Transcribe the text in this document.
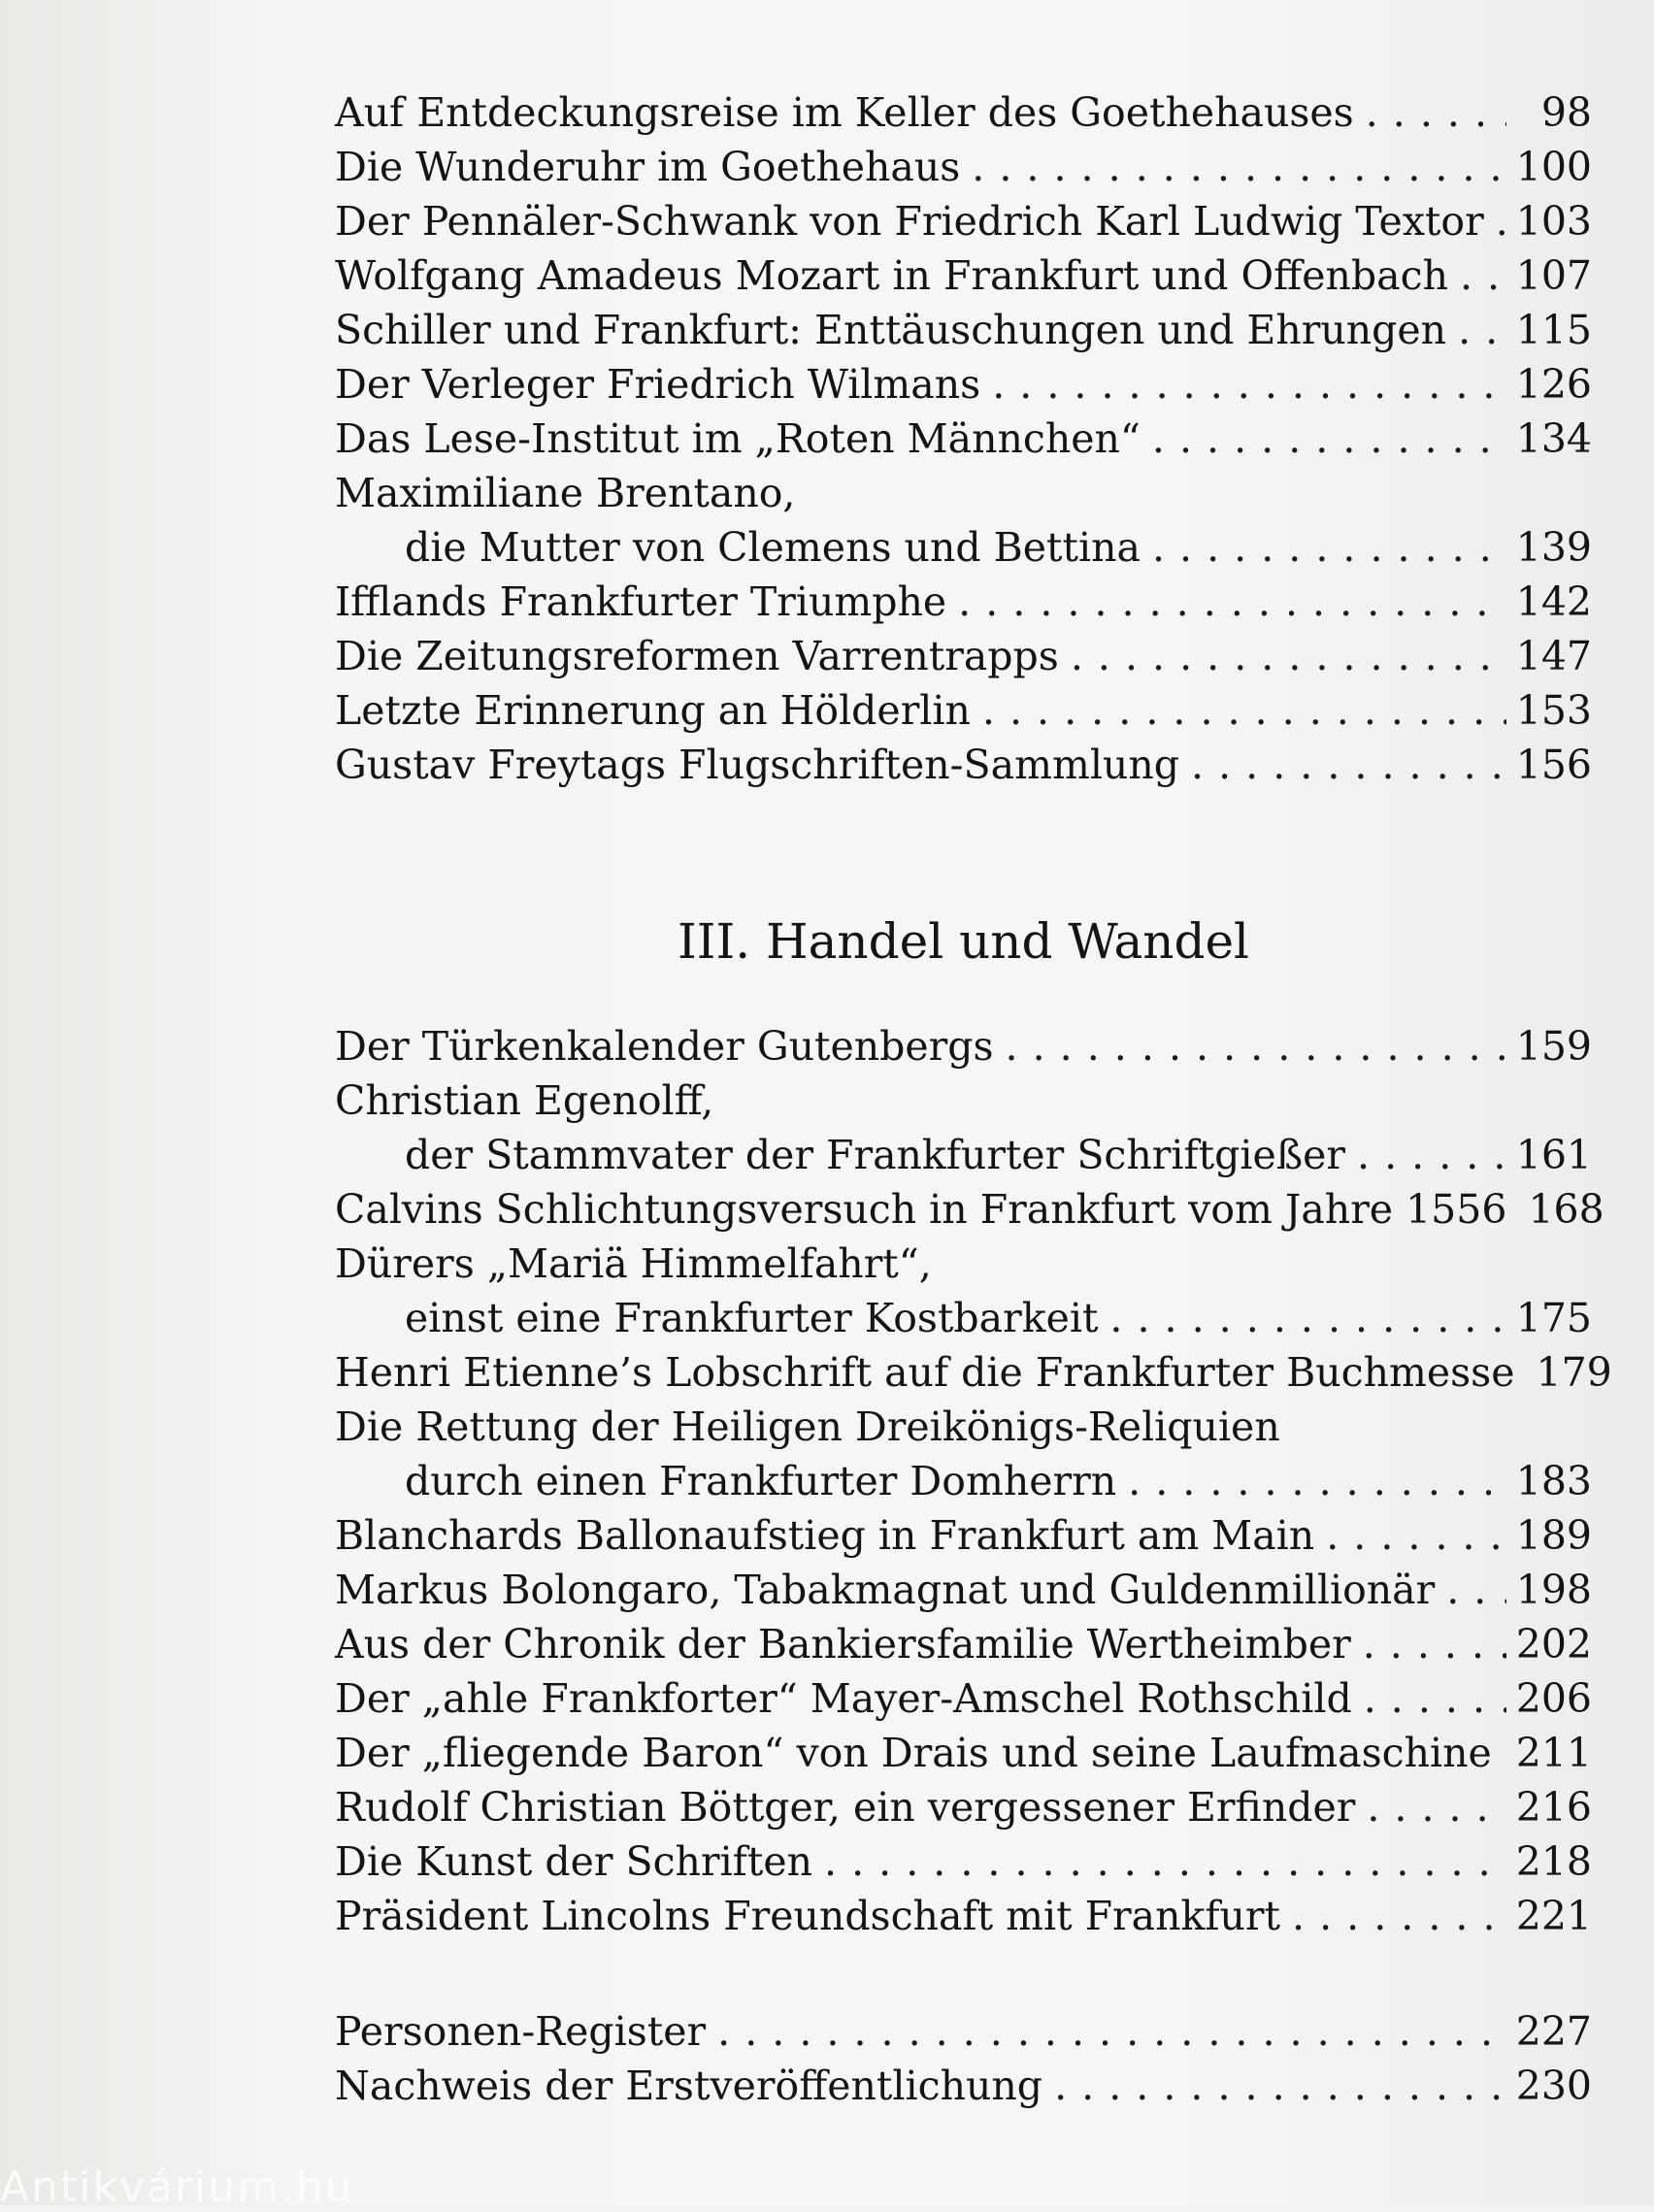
Auf Entdeckungsreise im Keller des Goethehauses . . .	98
Die Wunderuhr im Goethehaus . . .	100
Der Pennäler-Schwank von Friedrich Karl Ludwig Textor . . . 103
Wolfgang Amadeus Mozart in Frankfurt und Offenbach . . . 107
Schiller und Frankfurt: Enttäuschungen und Ehrungen . . . 115
Der Verleger Friedrich Wilmans . . .	126
Das Lese-Institut im „Roten Männchen“ . . .	134
Maximiliane Brentano,
die Mutter von Clemens und Bettina . . .	139
Ifflands Frankfurter Triumphe . . .	142
Die Zeitungsreformen Varrentrapps . . .	147
Letzte Erinnerung an Hölderlin . . .	153
Gustav Freytags Flugschriften-Sammlung . . .	156
III. Handel und Wandel
Der Türkenkalender Gutenbergs . . .	159
Christian Egenolff,
der Stammvater der Frankfurter Schriftgießer . . .	161
Calvins Schlichtungsversuch in Frankfurt vom Jahre 1556 168
Dürers „Mariä Himmelfahrt“,
einst eine Frankfurter Kostbarkeit . . .	175
Henri Etienne’s Lobschrift auf die Frankfurter Buchmesse 179
Die Rettung der Heiligen Dreikönigs-Reliquien
durch einen Frankfurter Domherrn . . .	183
Blanchards Ballonaufstieg in Frankfurt am Main . . .	189
Markus Bolongaro, Tabakmagnat und Guldenmillionär . . . 198
Aus der Chronik der Bankiersfamilie Wertheimber . . .	202
Der „ahle Frankforter“ Mayer-Amschel Rothschild . . .	206
Der „fliegende Baron“ von Drais und seine Laufmaschine . . . 211
Rudolf Christian Böttger, ein vergessener Erfinder . . .	216
Die Kunst der Schriften . . .	218
Präsident Lincolns Freundschaft mit Frankfurt . . .	221
Personen-Register . . .	227
Nachweis der Erstveröffentlichung . . .	230
Antikvárium.hu
